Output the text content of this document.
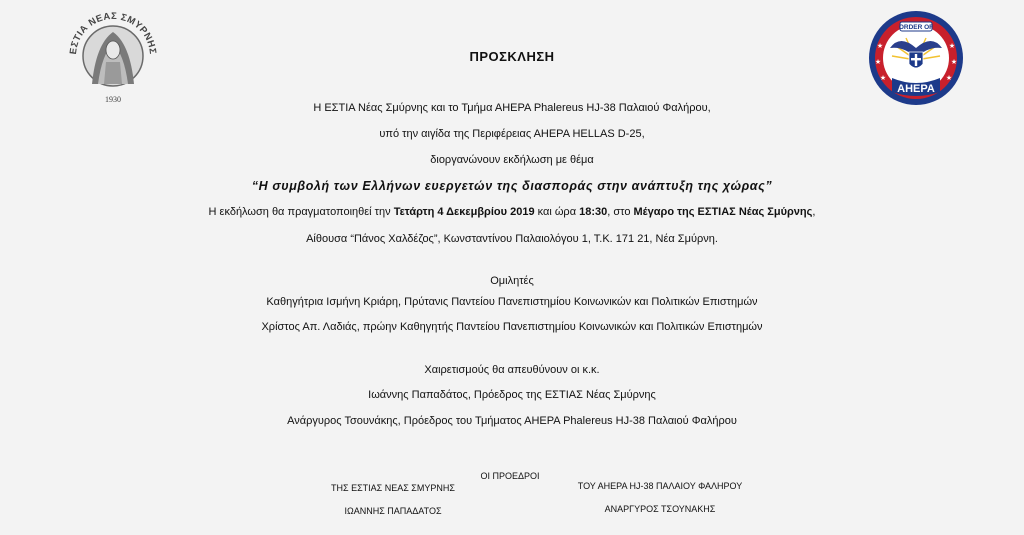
ΕΣΤΙΑ ΝΕΑΣ ΣΜΥΡΝΗΣ
1930
★
★
★
★
★
★
ORDER OF
ΑΗΕΡΑ
ΠΡΟΣΚΛΗΣΗ
Η ΕΣΤΙΑ Νέας Σμύρνης και το Τμήμα ΑΗΕΡΑ Phalereus HJ-38 Παλαιού Φαλήρου,
υπό την αιγίδα της Περιφέρειας ΑΗΕΡΑ HELLAS D-25,
διοργανώνουν εκδήλωση με θέμα
“Η συμβολή των Ελλήνων ευεργετών της διασποράς στην ανάπτυξη της χώρας”
Η εκδήλωση θα πραγματοποιηθεί την Τετάρτη 4 Δεκεμβρίου 2019 και ώρα 18:30, στο Μέγαρο της ΕΣΤΙΑΣ Νέας Σμύρνης,
Αίθουσα “Πάνος Χαλδέζος”, Κωνσταντίνου Παλαιολόγου 1, Τ.Κ. 171 21, Νέα Σμύρνη.
Ομιλητές
Καθηγήτρια Ισμήνη Κριάρη, Πρύτανις Παντείου Πανεπιστημίου Κοινωνικών και Πολιτικών Επιστημών
Χρίστος Απ. Λαδιάς, πρώην Καθηγητής Παντείου Πανεπιστημίου Κοινωνικών και Πολιτικών Επιστημών
Χαιρετισμούς θα απευθύνουν οι κ.κ.
Ιωάννης Παπαδάτος, Πρόεδρος της ΕΣΤΙΑΣ Νέας Σμύρνης
Ανάργυρος Τσουνάκης, Πρόεδρος του Τμήματος ΑΗΕΡΑ Phalereus HJ-38 Παλαιού Φαλήρου
ΟΙ ΠΡΟΕΔΡΟΙ
ΤΗΣ ΕΣΤΙΑΣ ΝΕΑΣ ΣΜΥΡΝΗΣ
ΙΩΑΝΝΗΣ ΠΑΠΑΔΑΤΟΣ
ΤΟΥ ΑΗΕΡΑ HJ-38 ΠΑΛΑΙΟΥ ΦΑΛΗΡΟΥ
ΑΝΑΡΓΥΡΟΣ ΤΣΟΥΝΑΚΗΣ
